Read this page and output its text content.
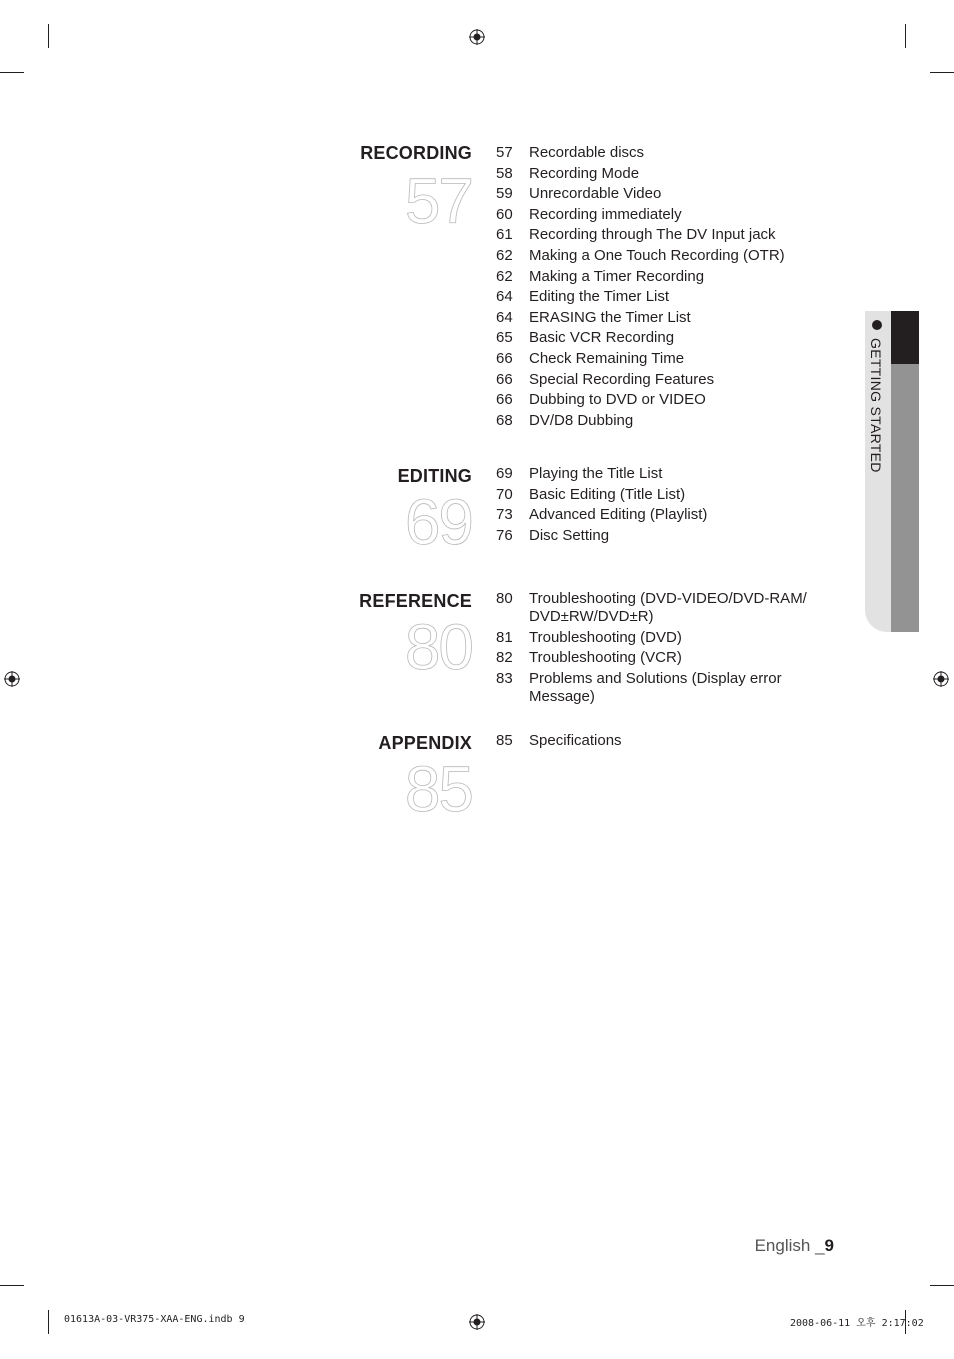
RECORDING
57
57	Recordable discs
58	Recording Mode
59	Unrecordable Video
60	Recording immediately
61	Recording through The DV Input jack
62	Making a One Touch Recording (OTR)
62	Making a Timer Recording
64	Editing the Timer List
64	ERASING the Timer List
65	Basic VCR Recording
66	Check Remaining Time
66	Special Recording Features
66	Dubbing to DVD or VIDEO
68	DV/D8 Dubbing
EDITING
69
69	Playing the Title List
70	Basic Editing (Title List)
73	Advanced Editing (Playlist)
76	Disc Setting
REFERENCE
80
80	Troubleshooting (DVD-VIDEO/DVD-RAM/ DVD±RW/DVD±R)
81	Troubleshooting (DVD)
82	Troubleshooting (VCR)
83	Problems and Solutions (Display error Message)
APPENDIX
85
85	Specifications
GETTING STARTED
English _9
01613A-03-VR375-XAA-ENG.indb 9	2008-06-11 오후 2:17:02
